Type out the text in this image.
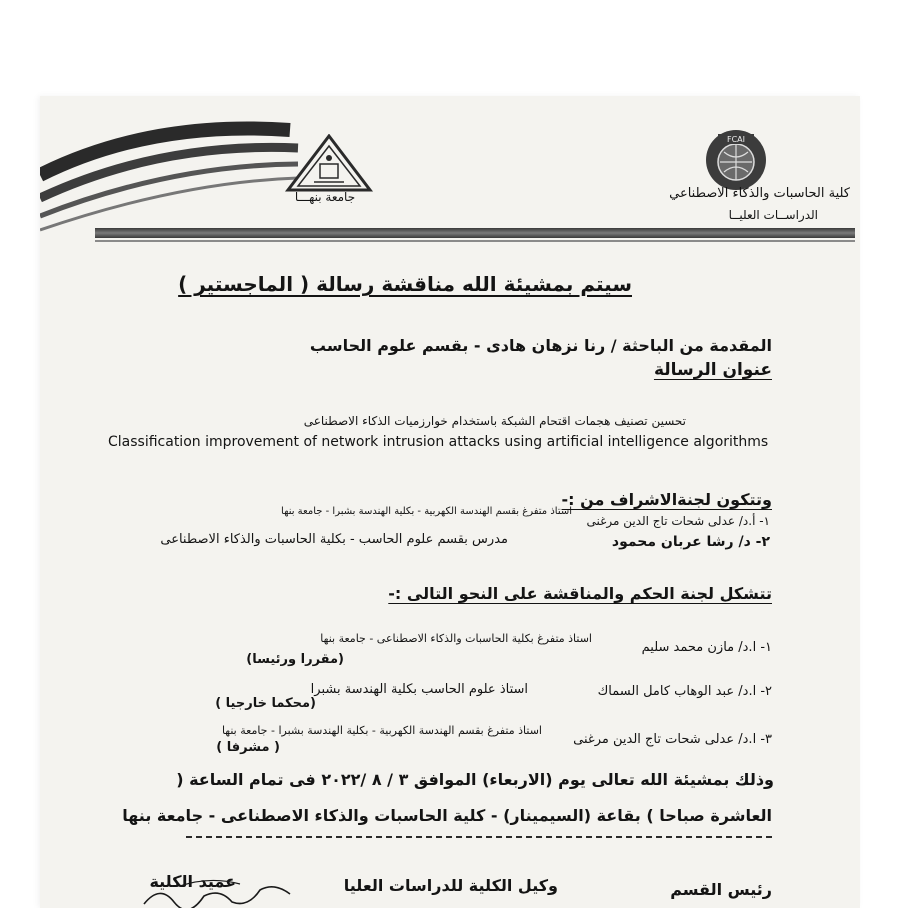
جامعة بنهـــا
FCAI
كلية الحاسبات والذكاء الاصطناعي
الدراســات العليــا
سيتم بمشيئة الله مناقشة رسالة ( الماجستير )
المقدمة من الباحثة / رنا نزهان هادى - بقسم علوم الحاسب
عنوان الرسالة
تحسين تصنيف هجمات اقتحام الشبكة باستخدام خوارزميات الذكاء الاصطناعى
Classification improvement of network intrusion attacks using artificial intelligence algorithms
وتتكون لجنةالاشراف من :-
١- أ.د/ عدلى شحات تاج الدين مرغنى
استاذ متفرغ بقسم الهندسة الكهربية - بكلية الهندسة بشبرا - جامعة بنها
٢- د/ رشا عربان محمود
مدرس بقسم علوم الحاسب - بكلية الحاسبات والذكاء الاصطناعى
تتشكل لجنة الحكم والمناقشة على النحو التالى :-
١- ا.د/ مازن محمد سليم
استاذ متفرغ بكلية الحاسبات والذكاء الاصطناعى - جامعة بنها
(مقررا ورئيسا)
٢- ا.د/ عبد الوهاب كامل السماك
استاذ علوم الحاسب بكلية الهندسة بشبرا
(محكما خارجيا )
٣- ا.د/ عدلى شحات تاج الدين مرغنى
استاذ متفرغ بقسم الهندسة الكهربية - بكلية الهندسة بشبرا - جامعة بنها
( مشرفا )
وذلك بمشيئة الله تعالى يوم (الاربعاء) الموافق ٣ / ٨ /٢٠٢٢ فى تمام الساعة (
العاشرة صباحا ) بقاعة (السيمينار) - كلية الحاسبات والذكاء الاصطناعى - جامعة بنها
رئيس القسم
وكيل الكلية للدراسات العليا
عميد الكلية
